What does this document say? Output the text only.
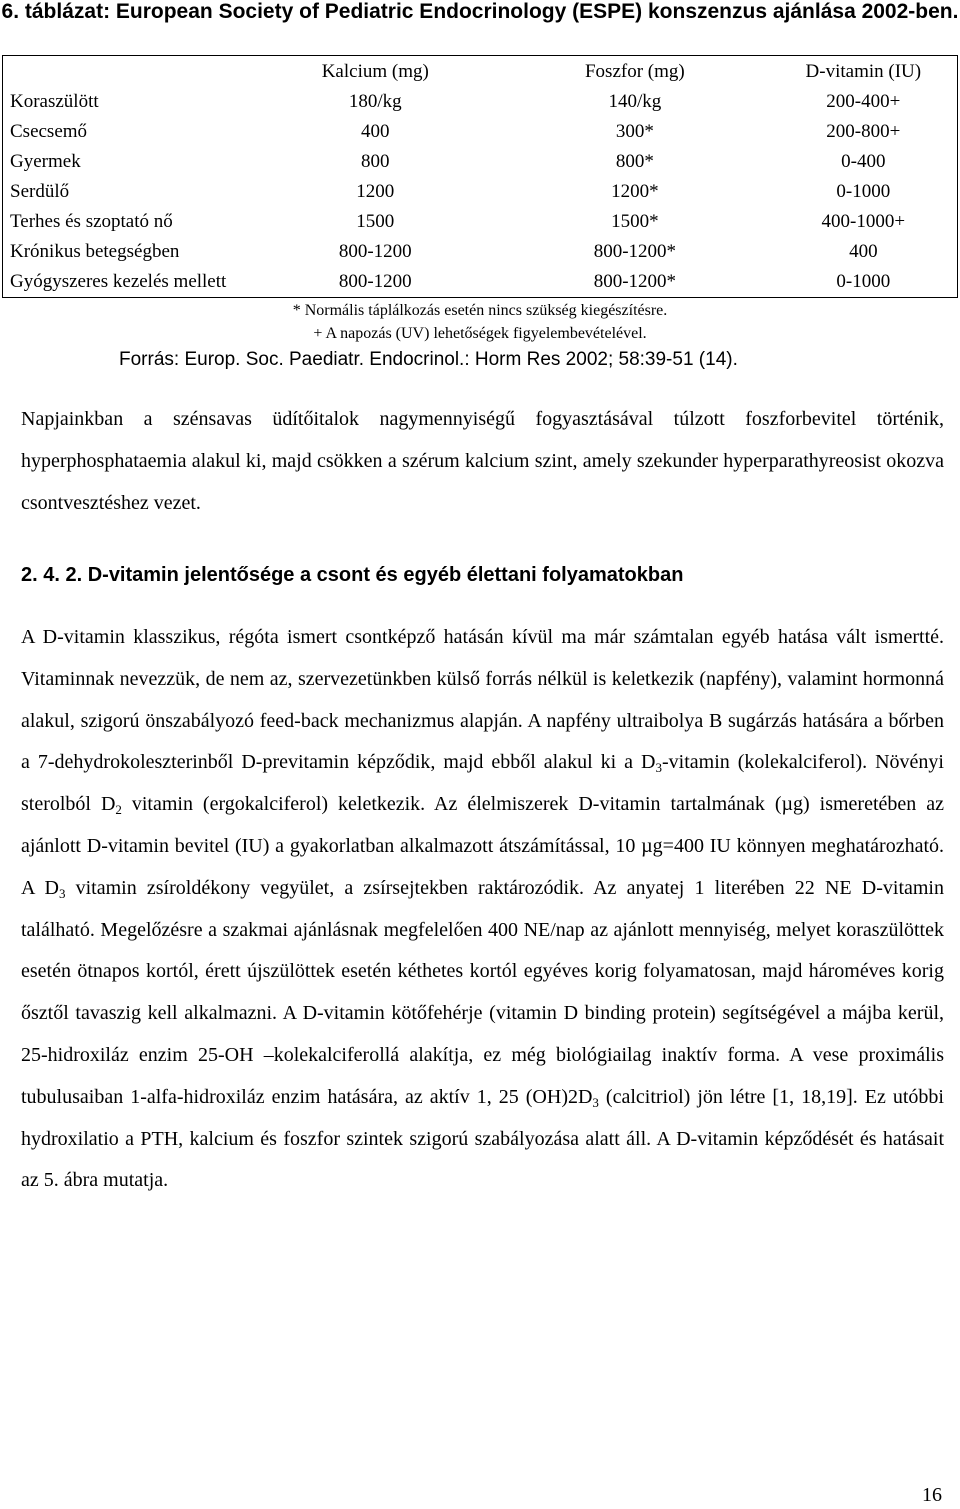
6. táblázat: European Society of Pediatric Endocrinology (ESPE) konszenzus ajánlása 2002-ben.
	Kalcium (mg)	Foszfor (mg)	D-vitamin (IU)
Koraszülött	180/kg	140/kg	200-400+
Csecsemő	400	300*	200-800+
Gyermek	800	800*	0-400
Serdülő	1200	1200*	0-1000
Terhes és szoptató nő	1500	1500*	400-1000+
Krónikus betegségben	800-1200	800-1200*	400
Gyógyszeres kezelés mellett	800-1200	800-1200*	0-1000
* Normális táplálkozás esetén nincs szükség kiegészítésre.
+ A napozás (UV) lehetőségek figyelembevételével.
Forrás: Europ. Soc. Paediatr. Endocrinol.: Horm Res 2002; 58:39-51 (14).

Napjainkban a szénsavas üdítőitalok nagymennyiségű fogyasztásával túlzott foszforbevitel történik, hyperphosphataemia alakul ki, majd csökken a szérum kalcium szint, amely szekunder hyperparathyreosist okozva csontvesztéshez vezet.

2. 4. 2. D-vitamin jelentősége a csont és egyéb élettani folyamatokban

A D-vitamin klasszikus, régóta ismert csontképző hatásán kívül ma már számtalan egyéb hatása vált ismertté. Vitaminnak nevezzük, de nem az, szervezetünkben külső forrás nélkül is keletkezik (napfény), valamint hormonná alakul, szigorú önszabályozó feed-back mechanizmus alapján. A napfény ultraibolya B sugárzás hatására a bőrben a 7-dehydrokoleszterinből D-previtamin képződik, majd ebből alakul ki a $D_3$-vitamin (kolekalciferol). Növényi sterolból $D_2$ vitamin (ergokalciferol) keletkezik. Az élelmiszerek D-vitamin tartalmának (µg) ismeretében az ajánlott D-vitamin bevitel (IU) a gyakorlatban alkalmazott átszámítással, 10 µg=400 IU könnyen meghatározható. A $D_3$ vitamin zsíroldékony vegyület, a zsírsejtekben raktározódik. Az anyatej 1 literében 22 NE D-vitamin található. Megelőzésre a szakmai ajánlásnak megfelelően 400 NE/nap az ajánlott mennyiség, melyet koraszülöttek esetén ötnapos kortól, érett újszülöttek esetén kéthetes kortól egyéves korig folyamatosan, majd hároméves korig ősztől tavaszig kell alkalmazni. A D-vitamin kötőfehérje (vitamin D binding protein) segítségével a májba kerül, 25-hidroxiláz enzim 25-OH –kolekalciferollá alakítja, ez még biológiailag inaktív forma. A vese proximális tubulusaiban 1-alfa-hidroxiláz enzim hatására, az aktív 1, 25 $(OH)2D_3$ (calcitriol) jön létre [1, 18,19]. Ez utóbbi hydroxilatio a PTH, kalcium és foszfor szintek szigorú szabályozása alatt áll. A D-vitamin képződését és hatásait az 5. ábra mutatja.

16
